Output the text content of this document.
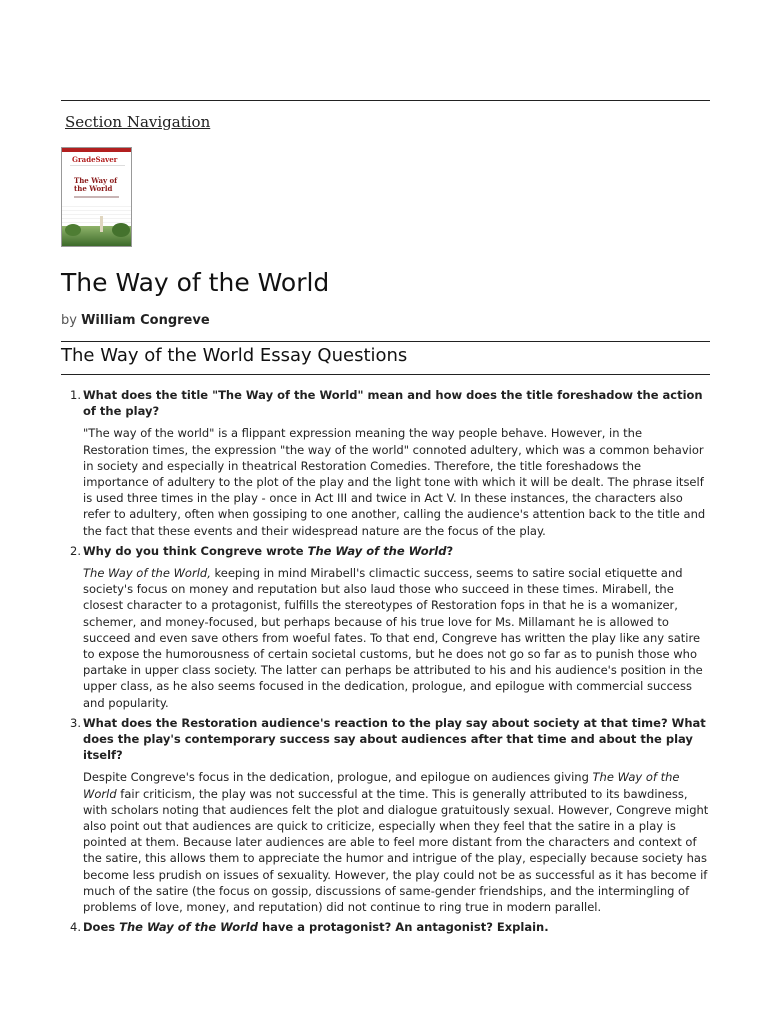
Section Navigation
GradeSaver
The Way of the World
The Way of the World
by William Congreve
The Way of the World Essay Questions
1. What does the title "The Way of the World" mean and how does the title foreshadow the action of the play?
"The way of the world" is a flippant expression meaning the way people behave. However, in the Restoration times, the expression "the way of the world" connoted adultery, which was a common behavior in society and especially in theatrical Restoration Comedies. Therefore, the title foreshadows the importance of adultery to the plot of the play and the light tone with which it will be dealt. The phrase itself is used three times in the play - once in Act III and twice in Act V. In these instances, the characters also refer to adultery, often when gossiping to one another, calling the audience's attention back to the title and the fact that these events and their widespread nature are the focus of the play.
2. Why do you think Congreve wrote The Way of the World?
The Way of the World, keeping in mind Mirabell's climactic success, seems to satire social etiquette and society's focus on money and reputation but also laud those who succeed in these times. Mirabell, the closest character to a protagonist, fulfills the stereotypes of Restoration fops in that he is a womanizer, schemer, and money-focused, but perhaps because of his true love for Ms. Millamant he is allowed to succeed and even save others from woeful fates. To that end, Congreve has written the play like any satire to expose the humorousness of certain societal customs, but he does not go so far as to punish those who partake in upper class society. The latter can perhaps be attributed to his and his audience's position in the upper class, as he also seems focused in the dedication, prologue, and epilogue with commercial success and popularity.
3. What does the Restoration audience's reaction to the play say about society at that time? What does the play's contemporary success say about audiences after that time and about the play itself?
Despite Congreve's focus in the dedication, prologue, and epilogue on audiences giving The Way of the World fair criticism, the play was not successful at the time. This is generally attributed to its bawdiness, with scholars noting that audiences felt the plot and dialogue gratuitously sexual. However, Congreve might also point out that audiences are quick to criticize, especially when they feel that the satire in a play is pointed at them. Because later audiences are able to feel more distant from the characters and context of the satire, this allows them to appreciate the humor and intrigue of the play, especially because society has become less prudish on issues of sexuality. However, the play could not be as successful as it has become if much of the satire (the focus on gossip, discussions of same-gender friendships, and the intermingling of problems of love, money, and reputation) did not continue to ring true in modern parallel.
4. Does The Way of the World have a protagonist? An antagonist? Explain.
